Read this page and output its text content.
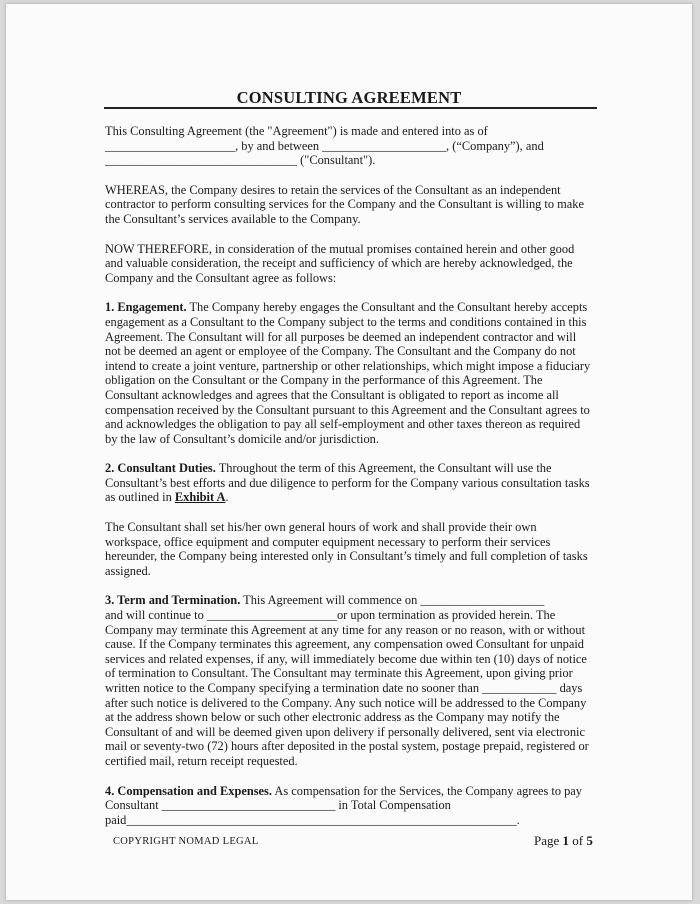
CONSULTING AGREEMENT
This Consulting Agreement (the "Agreement") is made and entered into as of
_____________________, by and between ____________________, (“Company”), and
_______________________________ ("Consultant").
WHEREAS, the Company desires to retain the services of the Consultant as an independent
contractor to perform consulting services for the Company and the Consultant is willing to make
the Consultant’s services available to the Company.
NOW THEREFORE, in consideration of the mutual promises contained herein and other good
and valuable consideration, the receipt and sufficiency of which are hereby acknowledged, the
Company and the Consultant agree as follows:
1. Engagement. The Company hereby engages the Consultant and the Consultant hereby accepts
engagement as a Consultant to the Company subject to the terms and conditions contained in this
Agreement. The Consultant will for all purposes be deemed an independent contractor and will
not be deemed an agent or employee of the Company. The Consultant and the Company do not
intend to create a joint venture, partnership or other relationships, which might impose a fiduciary
obligation on the Consultant or the Company in the performance of this Agreement. The
Consultant acknowledges and agrees that the Consultant is obligated to report as income all
compensation received by the Consultant pursuant to this Agreement and the Consultant agrees to
and acknowledges the obligation to pay all self-employment and other taxes thereon as required
by the law of Consultant’s domicile and/or jurisdiction.
2. Consultant Duties. Throughout the term of this Agreement, the Consultant will use the
Consultant’s best efforts and due diligence to perform for the Company various consultation tasks
as outlined in Exhibit A.
The Consultant shall set his/her own general hours of work and shall provide their own
workspace, office equipment and computer equipment necessary to perform their services
hereunder, the Company being interested only in Consultant’s timely and full completion of tasks
assigned.
3. Term and Termination. This Agreement will commence on ____________________
and will continue to _____________________or upon termination as provided herein. The
Company may terminate this Agreement at any time for any reason or no reason, with or without
cause. If the Company terminates this agreement, any compensation owed Consultant for unpaid
services and related expenses, if any, will immediately become due within ten (10) days of notice
of termination to Consultant. The Consultant may terminate this Agreement, upon giving prior
written notice to the Company specifying a termination date no sooner than ____________ days
after such notice is delivered to the Company. Any such notice will be addressed to the Company
at the address shown below or such other electronic address as the Company may notify the
Consultant of and will be deemed given upon delivery if personally delivered, sent via electronic
mail or seventy-two (72) hours after deposited in the postal system, postage prepaid, registered or
certified mail, return receipt requested.
4. Compensation and Expenses. As compensation for the Services, the Company agrees to pay
Consultant ____________________________ in Total Compensation
paid_______________________________________________________________.
COPYRIGHT NOMAD LEGAL	Page 1 of 5
